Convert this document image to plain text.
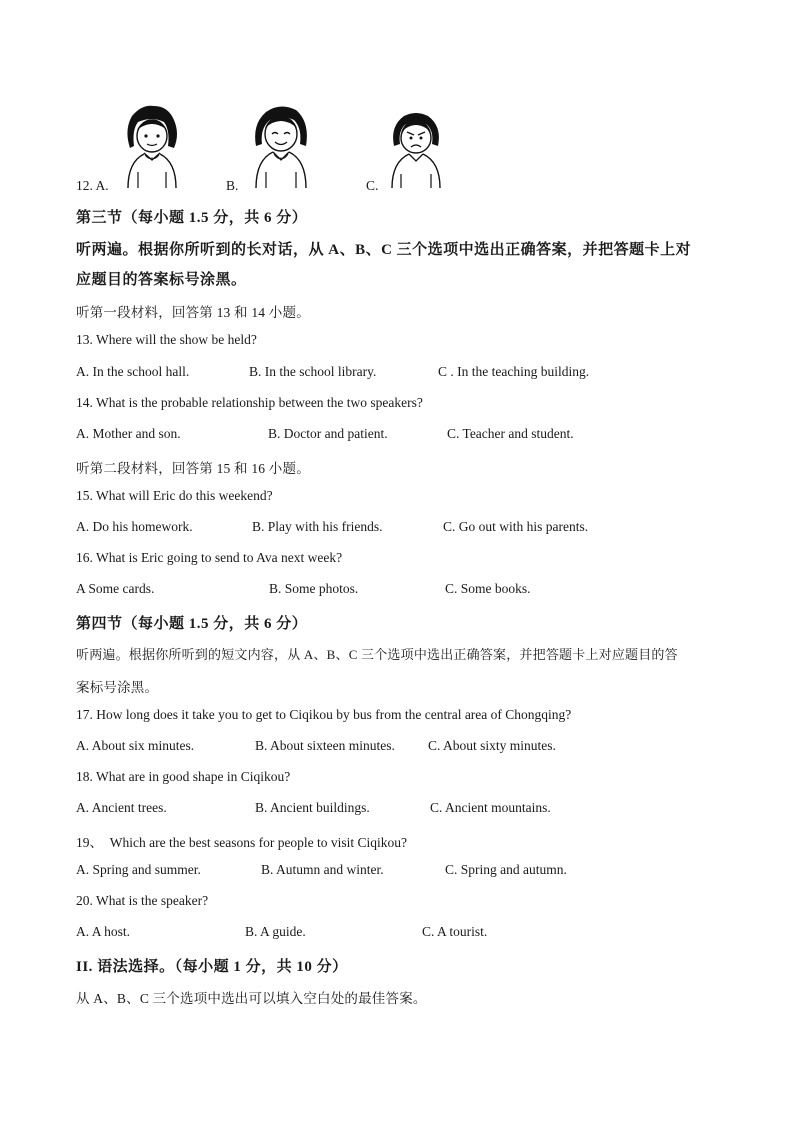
12. A.	B.	C.
第三节（每小题 1.5 分，共 6 分）
听两遍。根据你所听到的长对话，从 A、B、C 三个选项中选出正确答案，并把答题卡上对
应题目的答案标号涂黑。
听第一段材料，回答第 13 和 14 小题。
13. Where will the show be held?
A. In the school hall.	B. In the school library.	C . In the teaching building.
14. What is the probable relationship between the two speakers?
A. Mother and son.	B. Doctor and patient.	C. Teacher and student.
听第二段材料，回答第 15 和 16 小题。
15. What will Eric do this weekend?
A. Do his homework.	B. Play with his friends.	C. Go out with his parents.
16. What is Eric going to send to Ava next week?
A Some cards.	B. Some photos.	C. Some books.
第四节（每小题 1.5 分，共 6 分）
听两遍。根据你所听到的短文内容，从 A、B、C 三个选项中选出正确答案，并把答题卡上对应题目的答
案标号涂黑。
17. How long does it take you to get to Ciqikou by bus from the central area of Chongqing?
A. About six minutes.	B. About sixteen minutes. C. About sixty minutes.
18. What are in good shape in Ciqikou?
A. Ancient trees.	B. Ancient buildings.	C. Ancient mountains.
19、  Which are the best seasons for people to visit Ciqikou?
A. Spring and summer.	B. Autumn and winter.	C. Spring and autumn.
20. What is the speaker?
A. A host.	B. A guide.	C. A tourist.
II. 语法选择。（每小题 1 分，共 10 分）
从 A、B、C 三个选项中选出可以填入空白处的最佳答案。
